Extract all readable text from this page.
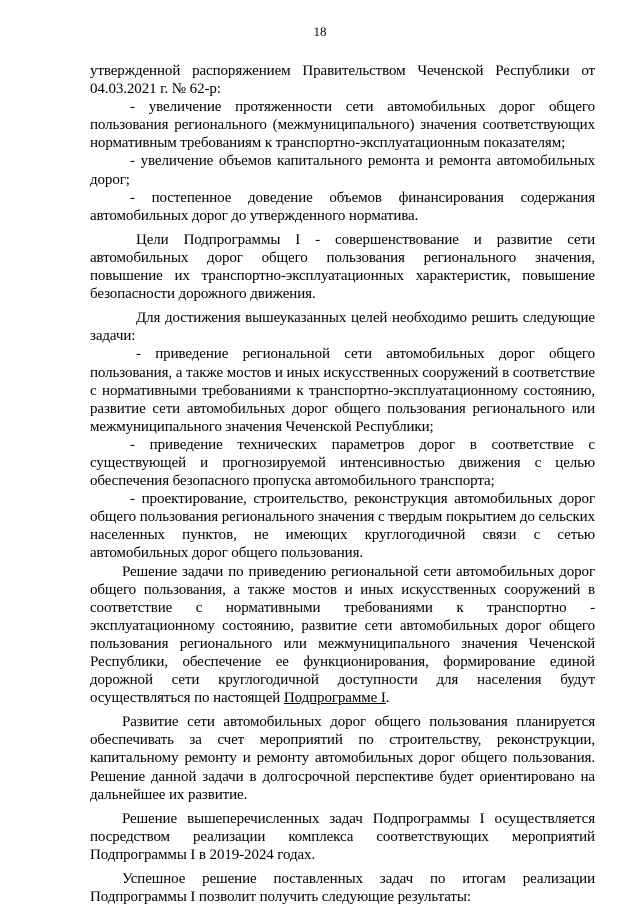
18

утвержденной распоряжением Правительством Чеченской Республики от 04.03.2021 г. № 62-р:

- увеличение протяженности сети автомобильных дорог общего пользования регионального (межмуниципального) значения соответствующих нормативным требованиям к транспортно-эксплуатационным показателям;

- увеличение объемов капитального ремонта и ремонта автомобильных дорог;

- постепенное доведение объемов финансирования содержания автомобильных дорог до утвержденного норматива.

Цели Подпрограммы I - совершенствование и развитие сети автомобильных дорог общего пользования регионального значения, повышение их транспортно-эксплуатационных характеристик, повышение безопасности дорожного движения.

Для достижения вышеуказанных целей необходимо решить следующие задачи:

- приведение региональной сети автомобильных дорог общего пользования, а также мостов и иных искусственных сооружений в соответствие с нормативными требованиями к транспортно-эксплуатационному состоянию, развитие сети автомобильных дорог общего пользования регионального или межмуниципального значения Чеченской Республики;

- приведение технических параметров дорог в соответствие с существующей и прогнозируемой интенсивностью движения с целью обеспечения безопасного пропуска автомобильного транспорта;

- проектирование, строительство, реконструкция автомобильных дорог общего пользования регионального значения с твердым покрытием до сельских населенных пунктов, не имеющих круглогодичной связи с сетью автомобильных дорог общего пользования.

Решение задачи по приведению региональной сети автомобильных дорог общего пользования, а также мостов и иных искусственных сооружений в соответствие с нормативными требованиями к транспортно - эксплуатационному состоянию, развитие сети автомобильных дорог общего пользования регионального или межмуниципального значения Чеченской Республики, обеспечение ее функционирования, формирование единой дорожной сети круглогодичной доступности для населения будут осуществляться по настоящей Подпрограмме I.

Развитие сети автомобильных дорог общего пользования планируется обеспечивать за счет мероприятий по строительству, реконструкции, капитальному ремонту и ремонту автомобильных дорог общего пользования. Решение данной задачи в долгосрочной перспективе будет ориентировано на дальнейшее их развитие.

Решение вышеперечисленных задач Подпрограммы I осуществляется посредством реализации комплекса соответствующих мероприятий Подпрограммы I в 2019-2024 годах.

Успешное решение поставленных задач по итогам реализации Подпрограммы I позволит получить следующие результаты:
